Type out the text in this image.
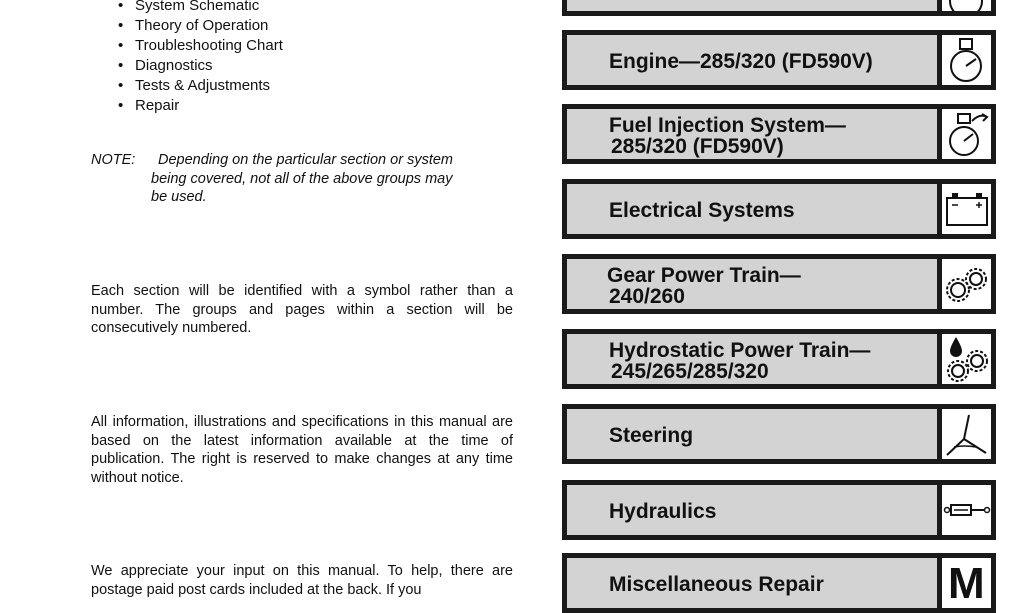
• System Schematic
• Theory of Operation
• Troubleshooting Chart
• Diagnostics
• Tests & Adjustments
• Repair
NOTE:	Depending on the particular section or system
being covered, not all of the above groups may
be used.

Each section will be identified with a symbol rather than a number. The groups and pages within a section will be consecutively numbered.

All information, illustrations and specifications in this manual are based on the latest information available at the time of publication. The right is reserved to make changes at any time without notice.

We appreciate your input on this manual. To help, there are postage paid post cards included at the back. If you

Engine—285/320 (FD590V)
Fuel Injection System—
285/320 (FD590V)
Electrical Systems
Gear Power Train—
240/260
Hydrostatic Power Train—
245/265/285/320
Steering
Hydraulics
Miscellaneous Repair	M
